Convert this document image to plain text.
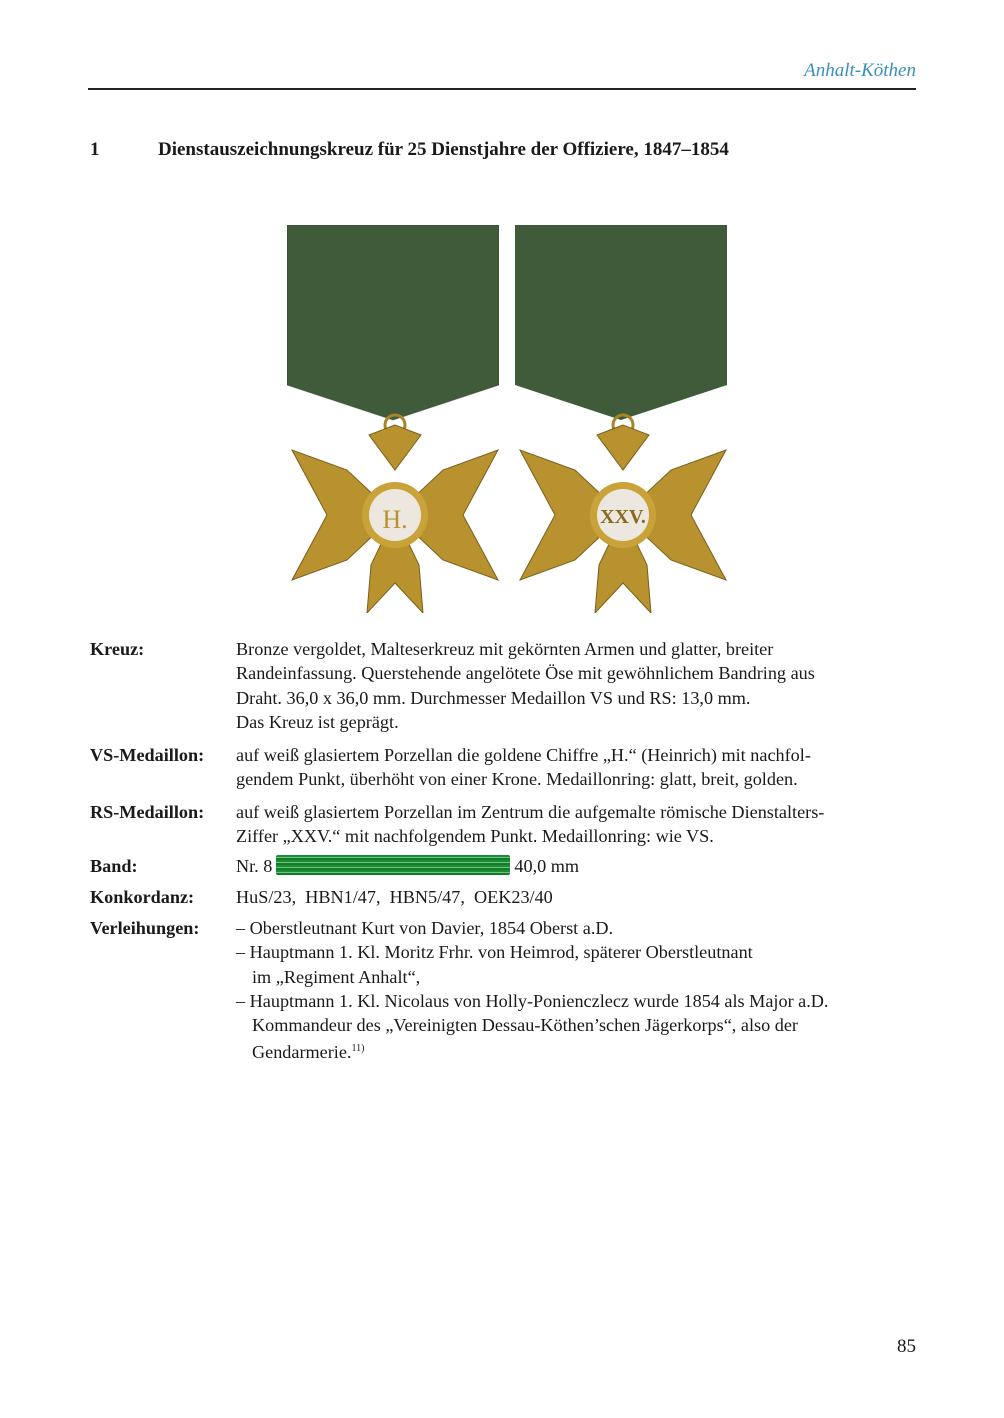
Anhalt-Köthen
1	Dienstauszeichnungskreuz für 25 Dienstjahre der Offiziere, 1847–1854
H.	XXV.
Kreuz:	Bronze vergoldet, Malteserkreuz mit gekörnten Armen und glatter, breiter
Randeinfassung. Querstehende angelötete Öse mit gewöhnlichem Bandring aus
Draht. 36,0 x 36,0 mm. Durchmesser Medaillon VS und RS: 13,0 mm.
Das Kreuz ist geprägt.
VS-Medaillon: auf weiß glasiertem Porzellan die goldene Chiffre „H.“ (Heinrich) mit nachfol-
gendem Punkt, überhöht von einer Krone. Medaillonring: glatt, breit, golden.
RS-Medaillon: auf weiß glasiertem Porzellan im Zentrum die aufgemalte römische Dienstalters-
Ziffer „XXV.“ mit nachfolgendem Punkt. Medaillonring: wie VS.
Band:	Nr. 8	40,0 mm
Konkordanz: HuS/23,  HBN1/47,  HBN5/47,  OEK23/40
Verleihungen: – Oberstleutnant Kurt von Davier, 1854 Oberst a.D.
– Hauptmann 1. Kl. Moritz Frhr. von Heimrod, späterer Oberstleutnant
im „Regiment Anhalt“,
– Hauptmann 1. Kl. Nicolaus von Holly-Ponienczlecz wurde 1854 als Major a.D.
Kommandeur des „Vereinigten Dessau-Köthen’schen Jägerkorps“, also der
Gendarmerie.$^{11)}$
85
